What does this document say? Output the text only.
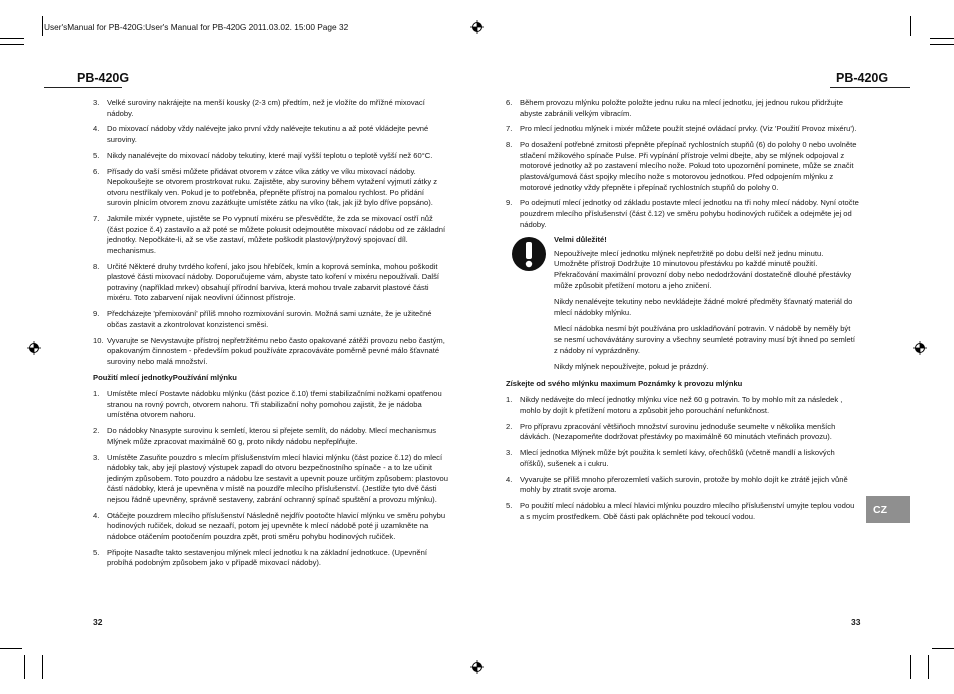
User'sManual for PB-420G:User's Manual for PB-420G 2011.03.02. 15:00 Page 32
PB-420G	PB-420G
3. Velké suroviny nakrájejte na menší kousky (2-3 cm) předtím, než je vložíte do mřížné mixovací nádoby.
4. Do mixovací nádoby vždy nalévejte jako první vždy nalévejte tekutinu a až poté vkládejte pevné suroviny.
5. Nikdy nanalévejte do mixovací nádoby tekutiny, které mají vyšší teplotu o teplotě vyšší než 60°C.
6. Přísady do vaší směsi můžete přidávat otvorem v zátce víka zátky ve víku mixovací nádoby. Nepokoušejte se otvorem prostrkovat ruku. Zajistěte, aby suroviny během vytažení vyjmutí zátky z otvoru nestříkaly ven. Pokud je to potřebněa, přepněte přístroj na pomalou rychlost. Po přidání surovin plnicím otvorem znovu zazátkujte umístěte zátku na víko (tak, jak již bylo dříve popsáno).
7. Jakmile mixér vypnete, ujistěte se Po vypnutí mixéru se přesvědčte, že zda se mixovací ostří nůž (část pozice č.4) zastavilo a až poté se můžete pokusit odejmoutěte mixovací nádobu od ze základní jednotky. Nepočkáte-li, až se vše zastaví, můžete poškodit plastový/pryžový spojovací díl. mechanismus.
8. Určité Některé druhy tvrdého koření, jako jsou hřebíček, kmín a koprová semínka, mohou poškodit plastové části mixovací nádoby. Doporučujeme vám, abyste tato koření v mixéru nepoužívali. Další potraviny (například mrkev) obsahují přírodní barviva, která mohou trvale zabarvit plastové části mixéru. Toto zabarvení nijak neovlivní účinnost přístroje.
9. Předcházejte 'přemixování' příliš mnoho rozmixování surovin. Možná sami uznáte, že je užitečné občas zastavit a zkontrolovat konzistenci směsi.
10. Vyvarujte se Nevystavujte přístroj nepřetržitému nebo často opakované zátěži provozu nebo častým, opakovaným činnostem - především pokud používáte zpracováváte poměrně pevné málo šťavnaté suroviny nebo malá množství.
Použití mlecí jednotkyPoužívání mlýnku
1. Umístěte mlecí Postavte nádobku mlýnku (část pozice č.10) třemi stabilizačními nožkami opatřenou stranou na rovný povrch, otvorem nahoru. Tři stabilizační nohy pomohou zajistit, že je nádoba umístěna otvorem nahoru.
2. Do nádobky Nnasypte surovinu k semletí, kterou si přejete semlít, do nádoby. Mlecí mechanismus Mlýnek může zpracovat maximálně 60 g, proto nikdy nádobu nepřeplňujte.
3. Umístěte Zasuňte pouzdro s mlecím příslušenstvím mlecí hlavici mlýnku (část pozice č.12) do mlecí nádobky tak, aby její plastový výstupek zapadl do otvoru bezpečnostního spínače - a to lze učinit jediným způsobem. Toto pouzdro a nádobu lze sestavit a upevnit pouze určitým způsobem: plastovou částí nádobky, která je upevněna v místě na pouzdře mlecího příslušenství. (Jestliže tyto dvě části nejsou řádně upevněny, správně sestaveny, zabrání ochranný spínač spuštění a provozu mlýnku).
4. Otáčejte pouzdrem mlecího příslušenství Následně nejdřív pootočte hlavicí mlýnku ve směru pohybu hodinových ručiček, dokud se nezaaří, potom jej upevněte k mlecí nádobě poté ji uzamkněte na nádobce otáčením pootočením pouzdra zpět, proti směru pohybu hodinových ručiček.
5. Připojte Nasaďte takto sestavenjou mlýnek mlecí jednotku k na základní jednotkuce. (Upevnění probíhá podobným způsobem jako v případě mixovací nádoby).
6. Během provozu mlýnku položte položte jednu ruku na mlecí jednotku, jej jednou rukou přidržujte abyste zabránili velkým vibracím.
7. Pro mlecí jednotku mlýnek i mixér můžete použít stejné ovládací prvky. (Viz 'Použití Provoz mixéru').
8. Po dosažení potřebné zrnitosti přepněte přepínač rychlostních stupňů (6) do polohy 0 nebo uvolněte stlačení mžikového spínače Pulse. Při vypínání přístroje velmi dbejte, aby se mlýnek odpojoval z motorové jednotky až po zastavení mlecího nože. Pokud toto upozornění pominete, může se značit plastová/gumová část spojky mlecího nože s motorovou jednotkou. Před odpojením mlýnku z motorové jednotky vždy přepněte i přepínač rychlostních stupňů do polohy 0.
9. Po odejmutí mlecí jednotky od základu postavte mlecí jednotku na tři nohy mlecí nádoby. Nyní otočte pouzdrem mlecího příslušenství (část č.12) ve směru pohybu hodinových ručiček a odejměte jej od nádoby.
Velmi důležité!
Nepoužívejte mlecí jednotku mlýnek nepřetržitě po dobu delší než jednu minutu. Umožněte přístroji Dodržujte 10 minutovou přestávku po každé minutě použití. Překračování maximální provozní doby nebo nedodržování dostatečně dlouhé přestávky může způsobit přetížení motoru a jeho zničení.
Nikdy nenalévejte tekutiny nebo nevkládejte žádné mokré předměty šťavnatý materiál do mlecí nádobky mlýnku.
Mlecí nádobka nesmí být používána pro uskladňování potravin. V nádobě by neměly být se nesmí uchovávátány suroviny a všechny seumleté potraviny musí být ihned po semletí z nádoby ní vyprázdněny.
Nikdy mlýnek nepoužívejte, pokud je prázdný.
Získejte od svého mlýnku maximum Poznámky k provozu mlýnku
1. Nikdy nedávejte do mlecí jednotky mlýnku více než 60 g potravin. To by mohlo mít za následek , mohlo by dojít k přetížení motoru a způsobit jeho porouchání nefunkčnost.
2. Pro přípravu zpracování většiňoch množství surovinu jednoduše seumelte v několika menších dávkách. (Nezapomeňte dodržovat přestávky po maximálně 60 minutách vteřinách provozu).
3. Mlecí jednotka Mlýnek může být použita k semletí kávy, ořechůšků (včetně mandlí a liskových oříšků), sušenek a i cukru.
4. Vyvarujte se příliš mnoho přerozemletí vašich surovin, protože by mohlo dojít ke ztrátě jejich vůně mohly by ztratit svoje aroma.
5. Po použití mlecí nádobku a mlecí hlavici mlýnku pouzdro mlecího příslušenství umyjte teplou vodou a s mycím prostředkem. Obě části pak opláchněte pod tekoucí vodou.
CZ
32	33
